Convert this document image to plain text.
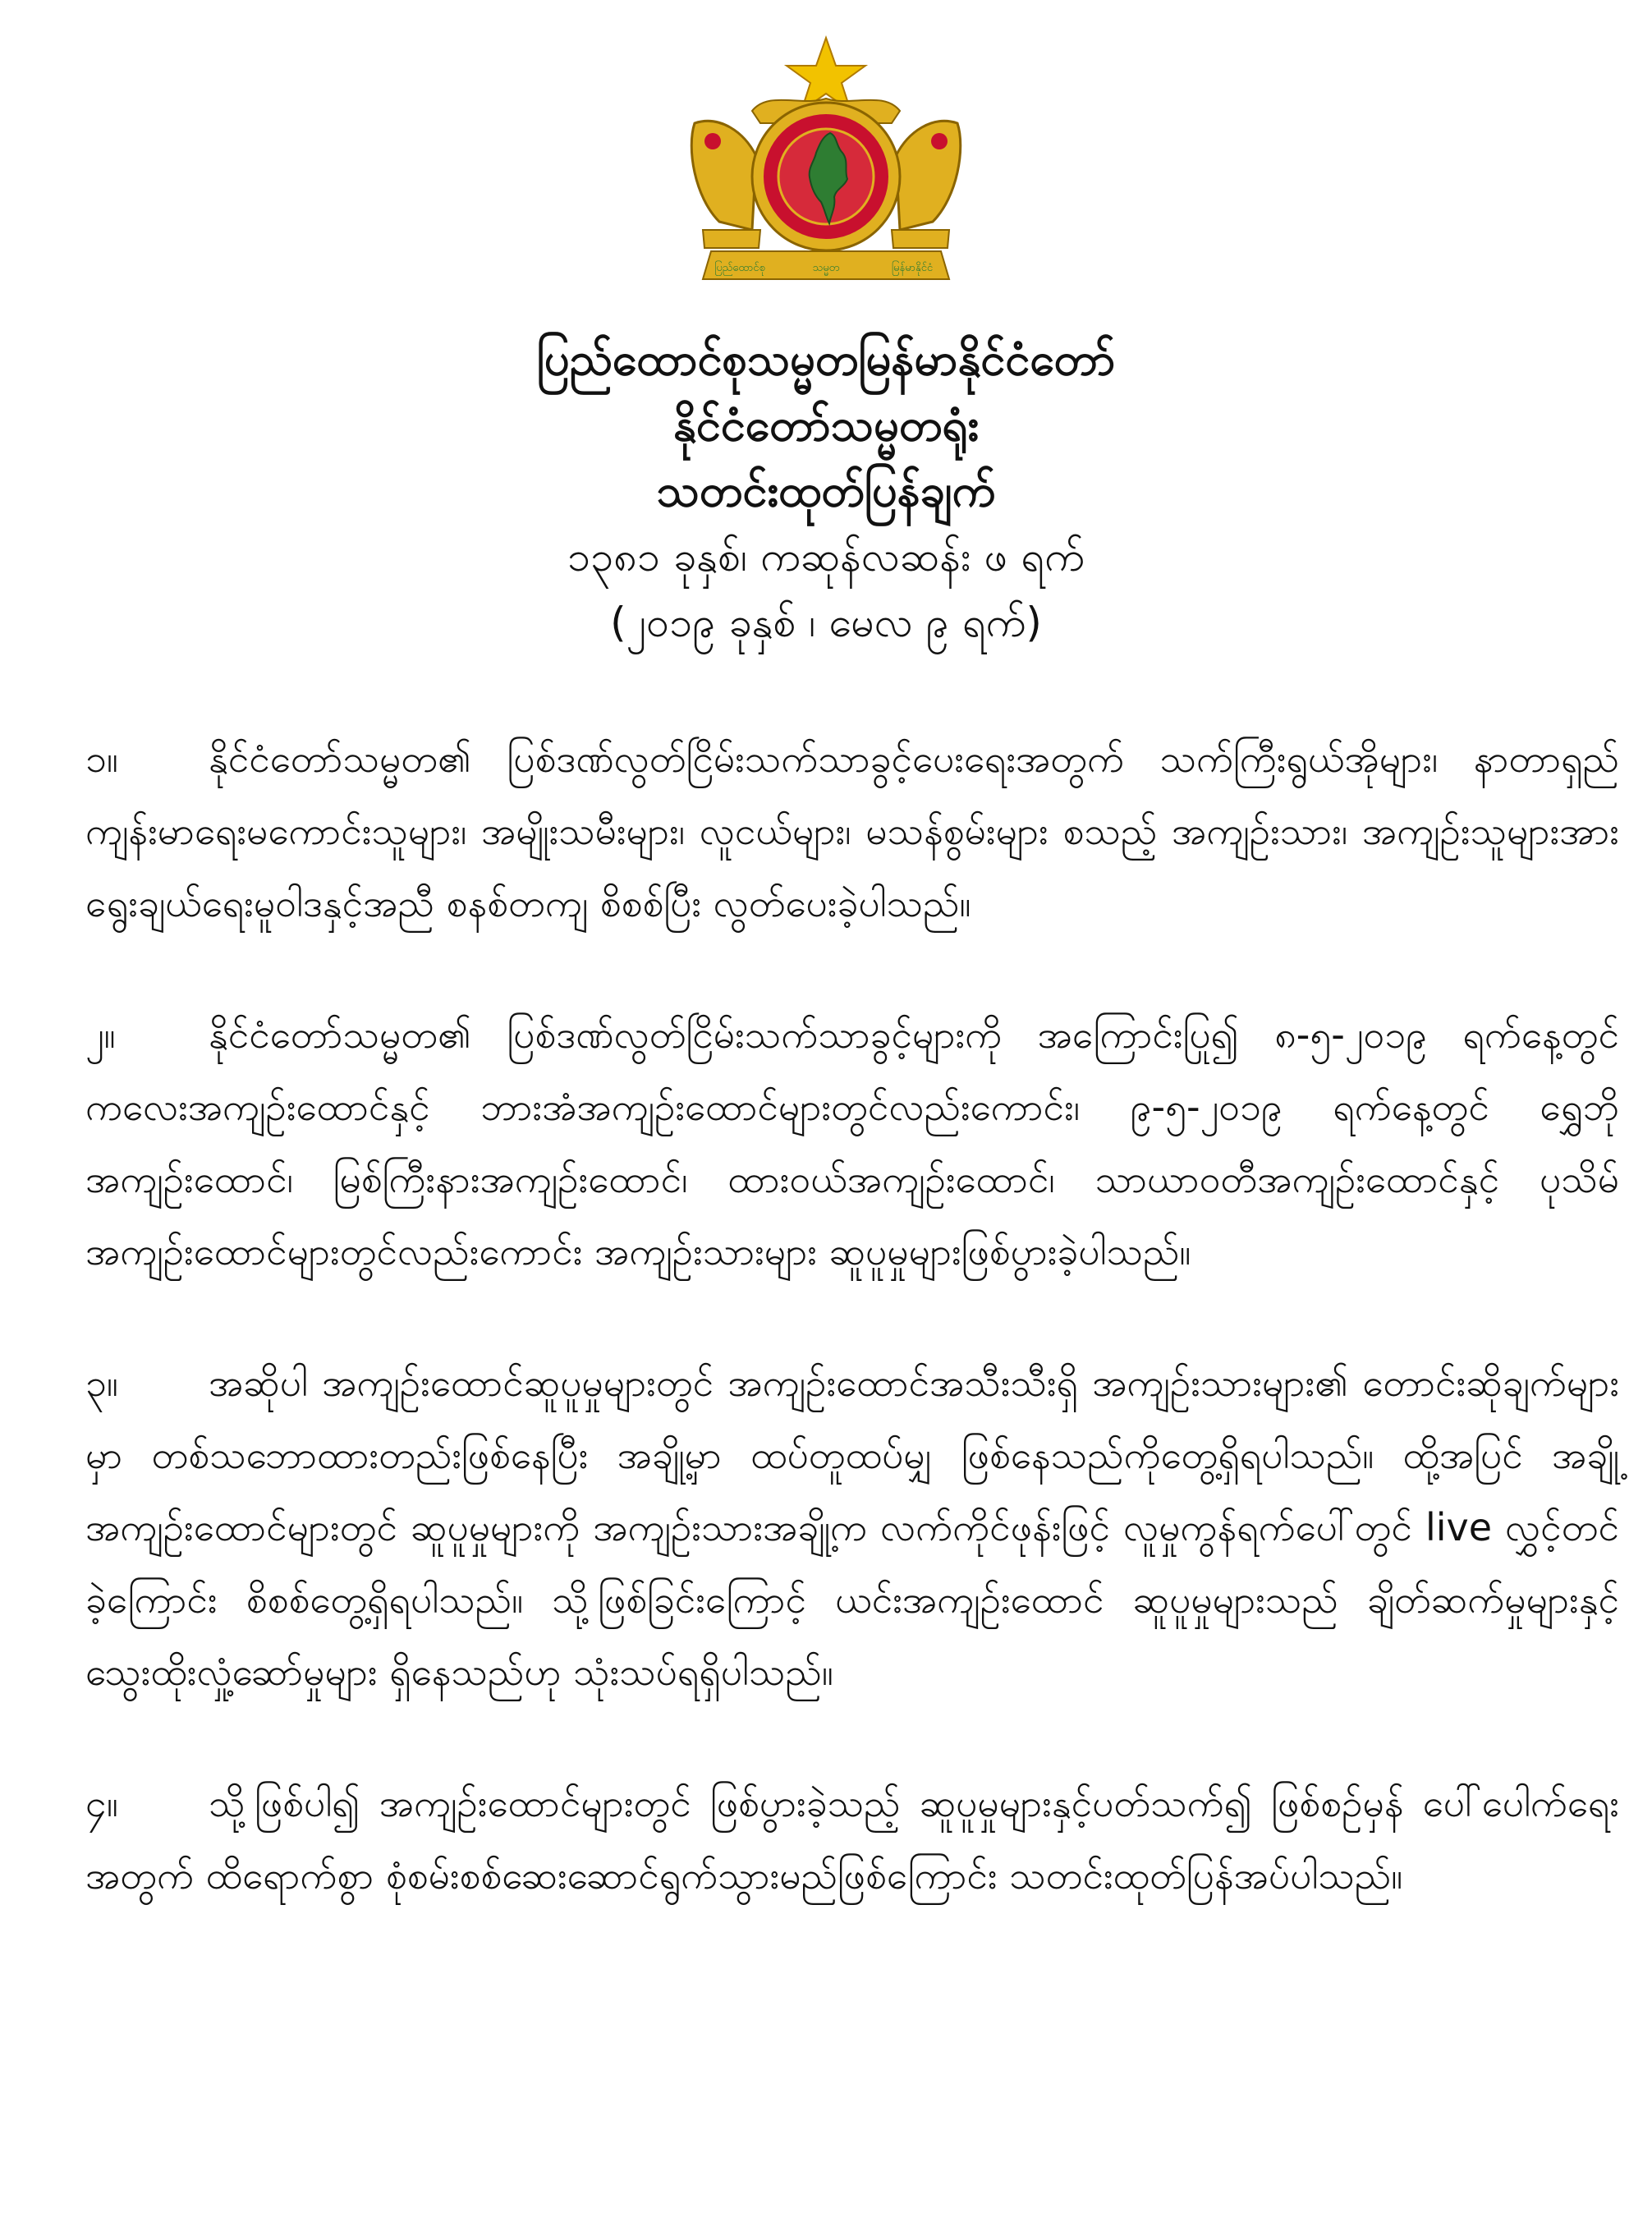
ပြည်ထောင်စု	သမ္မတ	မြန်မာနိုင်ငံ
ပြည်ထောင်စုသမ္မတမြန်မာနိုင်ငံတော်
နိုင်ငံတော်သမ္မတရုံး
သတင်းထုတ်ပြန်ချက်
၁၃၈၁ ခုနှစ်၊ ကဆုန်လဆန်း ဖ ရက်
(၂၀၁၉ ခုနှစ် ၊ မေလ ၉ ရက်)

၁။ နိုင်ငံတော်သမ္မတ၏ ပြစ်ဒဏ်လွတ်ငြိမ်းသက်သာခွင့်ပေးရေးအတွက် သက်ကြီးရွယ်အိုများ၊ နာတာရှည်ကျန်းမာရေးမကောင်းသူများ၊ အမျိုးသမီးများ၊ လူငယ်များ၊ မသန်စွမ်းများ စသည့် အကျဉ်းသား၊ အကျဉ်းသူများအား ရွေးချယ်ရေးမူဝါဒနှင့်အညီ စနစ်တကျ စိစစ်ပြီး လွတ်ပေးခဲ့ပါသည်။

၂။ နိုင်ငံတော်သမ္မတ၏ ပြစ်ဒဏ်လွတ်ငြိမ်းသက်သာခွင့်များကို အကြောင်းပြု၍ ၈-၅-၂၀၁၉ ရက်နေ့တွင် ကလေးအကျဉ်းထောင်နှင့် ဘားအံအကျဉ်းထောင်များတွင်လည်းကောင်း၊ ၉-၅-၂၀၁၉ ရက်နေ့တွင် ရွှေဘိုအကျဉ်းထောင်၊ မြစ်ကြီးနားအကျဉ်းထောင်၊ ထားဝယ်အကျဉ်းထောင်၊ သာယာဝတီအကျဉ်းထောင်နှင့် ပုသိမ်အကျဉ်းထောင်များတွင်လည်းကောင်း အကျဉ်းသားများ ဆူပူမှုများဖြစ်ပွားခဲ့ပါသည်။

၃။ အဆိုပါ အကျဉ်းထောင်ဆူပူမှုများတွင် အကျဉ်းထောင်အသီးသီးရှိ အကျဉ်းသားများ၏ တောင်းဆိုချက်များမှာ တစ်သဘောထားတည်းဖြစ်နေပြီး အချို့မှာ ထပ်တူထပ်မျှ ဖြစ်နေသည်ကိုတွေ့ရှိရပါသည်။ ထို့အပြင် အချို့အကျဉ်းထောင်များတွင် ဆူပူမှုများကို အကျဉ်းသားအချို့က လက်ကိုင်ဖုန်းဖြင့် လူမှုကွန်ရက်ပေါ်တွင် live လွှင့်တင်ခဲ့ကြောင်း စိစစ်တွေ့ရှိရပါသည်။ သို့ဖြစ်ခြင်းကြောင့် ယင်းအကျဉ်းထောင် ဆူပူမှုများသည် ချိတ်ဆက်မှုများနှင့် သွေးထိုးလှုံ့ဆော်မှုများ ရှိနေသည်ဟု သုံးသပ်ရရှိပါသည်။

၄။ သို့ဖြစ်ပါ၍ အကျဉ်းထောင်များတွင် ဖြစ်ပွားခဲ့သည့် ဆူပူမှုများနှင့်ပတ်သက်၍ ဖြစ်စဉ်မှန် ပေါ်ပေါက်ရေးအတွက် ထိရောက်စွာ စုံစမ်းစစ်ဆေးဆောင်ရွက်သွားမည်ဖြစ်ကြောင်း သတင်းထုတ်ပြန်အပ်ပါသည်။
